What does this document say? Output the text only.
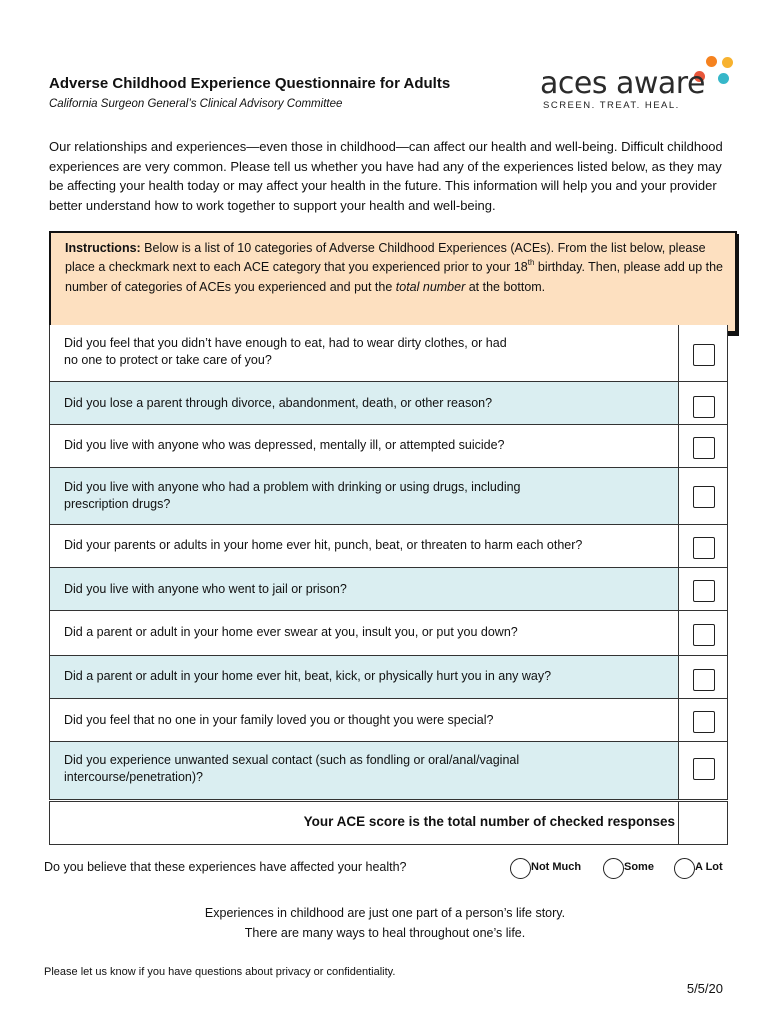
Adverse Childhood Experience Questionnaire for Adults
California Surgeon General’s Clinical Advisory Committee
aces aware
SCREEN. TREAT. HEAL.
Our relationships and experiences—even those in childhood—can affect our health and well-being. Difficult childhood experiences are very common. Please tell us whether you have had any of the experiences listed below, as they may be affecting your health today or may affect your health in the future. This information will help you and your provider better understand how to work together to support your health and well-being.
Instructions: Below is a list of 10 categories of Adverse Childhood Experiences (ACEs). From the list below, please place a checkmark next to each ACE category that you experienced prior to your 18th birthday. Then, please add up the number of categories of ACEs you experienced and put the total number at the bottom.
Did you feel that you didn’t have enough to eat, had to wear dirty clothes, or had
no one to protect or take care of you?
Did you lose a parent through divorce, abandonment, death, or other reason?
Did you live with anyone who was depressed, mentally ill, or attempted suicide?
Did you live with anyone who had a problem with drinking or using drugs, including
prescription drugs?
Did your parents or adults in your home ever hit, punch, beat, or threaten to harm each other?
Did you live with anyone who went to jail or prison?
Did a parent or adult in your home ever swear at you, insult you, or put you down?
Did a parent or adult in your home ever hit, beat, kick, or physically hurt you in any way?
Did you feel that no one in your family loved you or thought you were special?
Did you experience unwanted sexual contact (such as fondling or oral/anal/vaginal
intercourse/penetration)?
Your ACE score is the total number of checked responses
Do you believe that these experiences have affected your health?	Not Much	Some	A Lot
Experiences in childhood are just one part of a person’s life story.
There are many ways to heal throughout one’s life.
Please let us know if you have questions about privacy or confidentiality.
5/5/20
